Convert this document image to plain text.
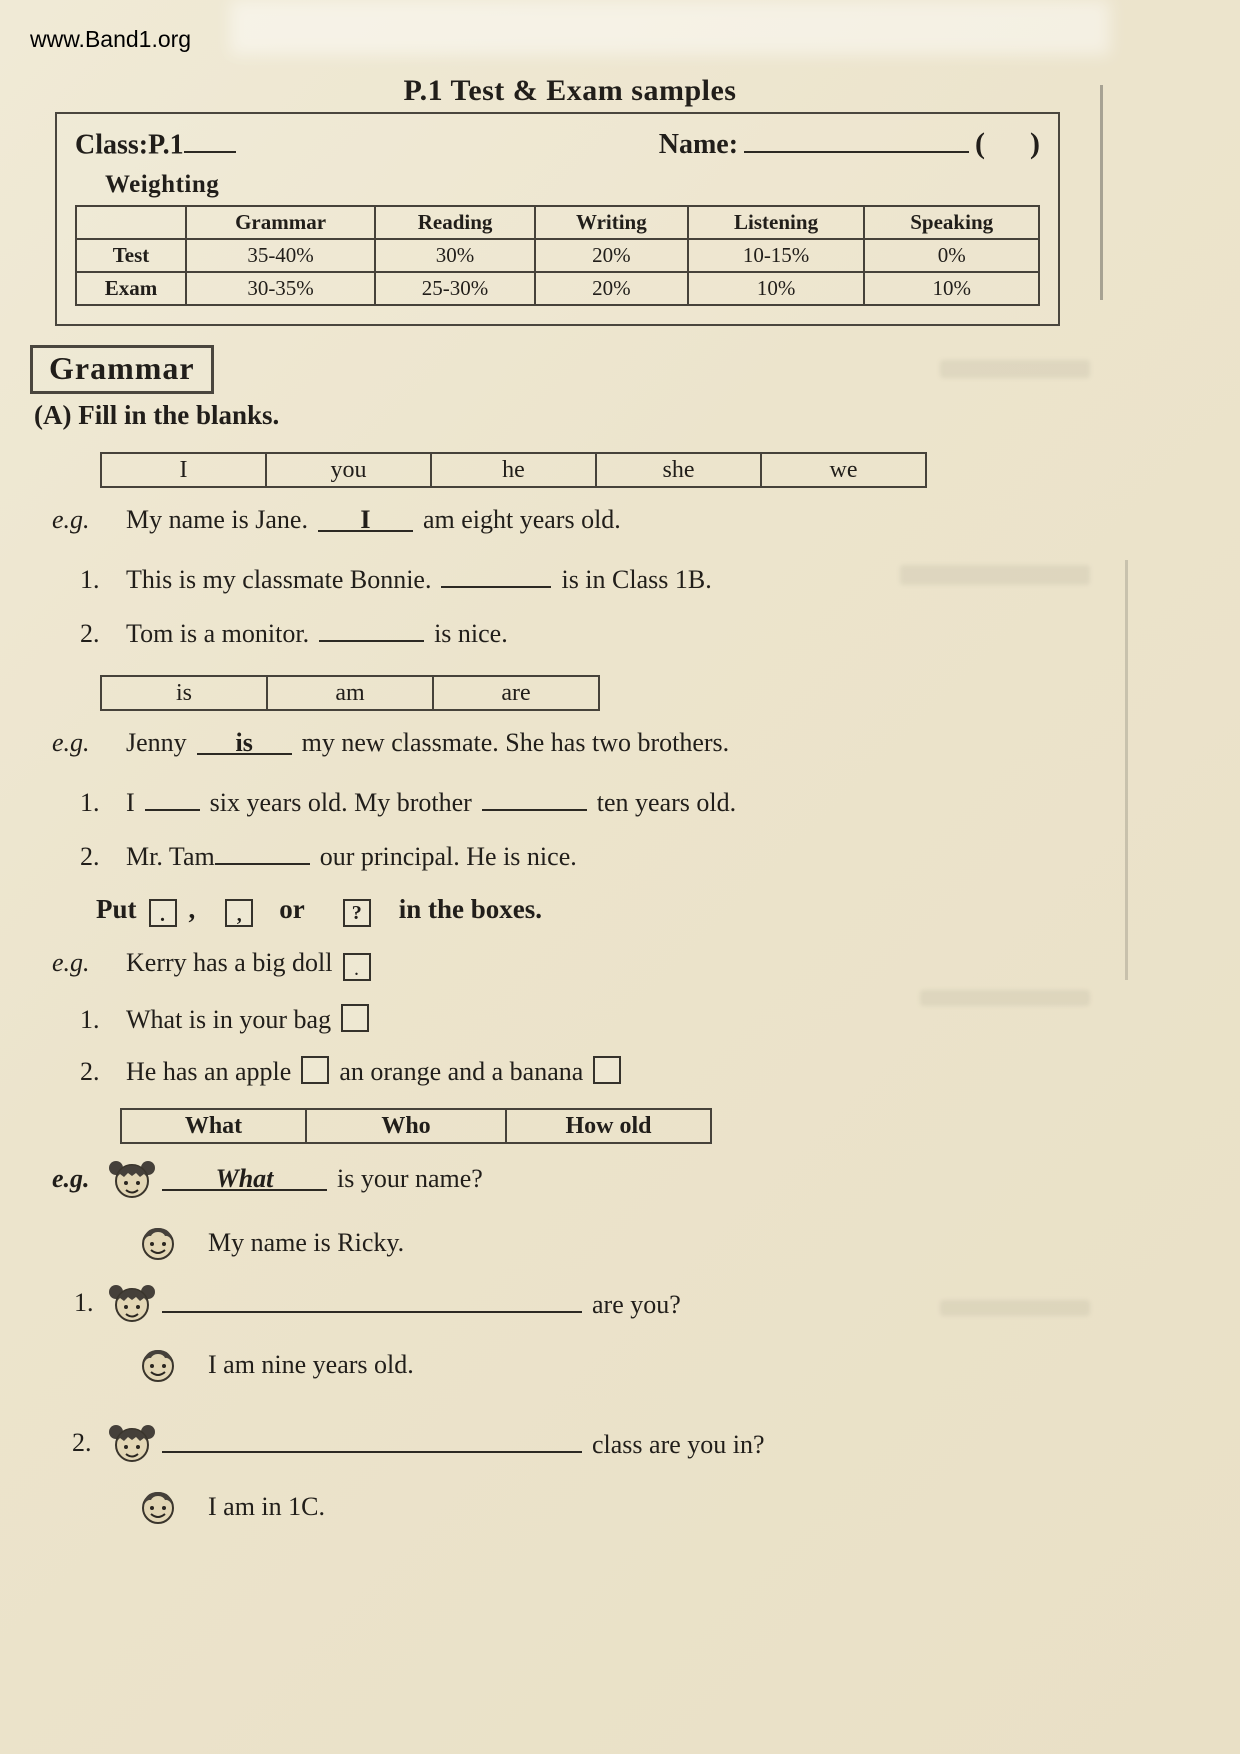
www.Band1.org
P.1 Test & Exam samples
Class:P.1	Name:	(      )
Weighting
	Grammar	Reading	Writing	Listening	Speaking
Test	35-40%	30%	20%	10-15%	0%
Exam	30-35%	25-30%	20%	10%	10%
Grammar
(A) Fill in the blanks.
I	you	he	she	we
e.g.	My name is Jane.	I	am eight years old.
1.	This is my classmate Bonnie.	is in Class 1B.
2.	Tom is a monitor.	is nice.
is	am	are
e.g.	Jenny	is	my new classmate. She has two brothers.
1.	I	six years old. My brother	ten years old.
2.	Mr. Tam	our principal. He is nice.
Put	. ,	,	or	?	in the boxes.
e.g.	Kerry has a big doll	.
1.	What is in your bag
2.	He has an apple an orange and a banana
What	Who	How old
e.g.	What	is your name?
My name is Ricky.
1.	are you?
I am nine years old.
2.	class are you in?
I am in 1C.
